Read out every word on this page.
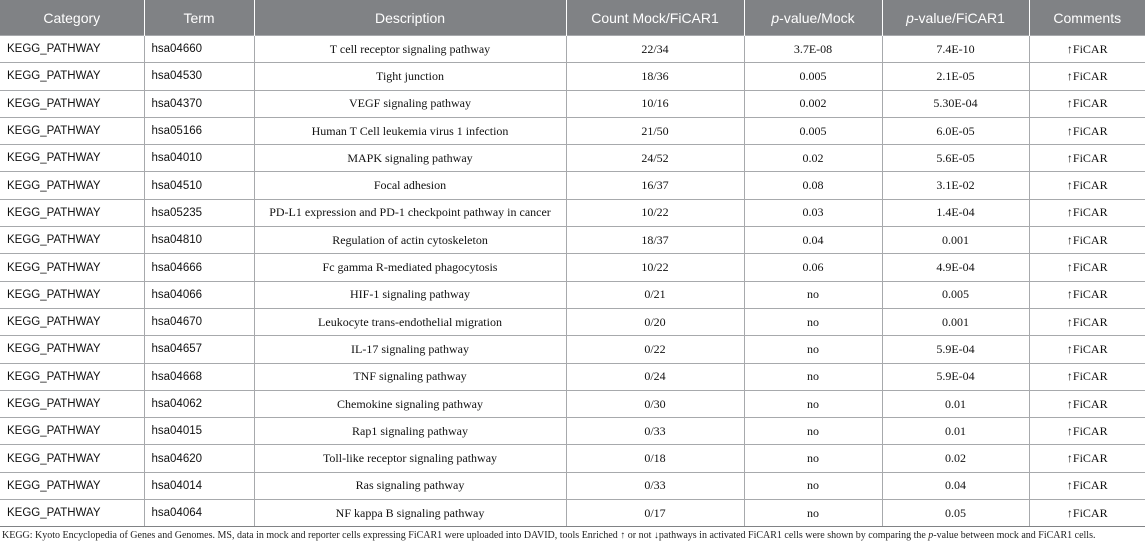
Category	Term	Description	Count Mock/FiCAR1	p-value/Mock	p-value/FiCAR1	Comments
KEGG_PATHWAY	hsa04660	T cell receptor signaling pathway	22/34	3.7E-08	7.4E-10	↑FiCAR
KEGG_PATHWAY	hsa04530	Tight junction	18/36	0.005	2.1E-05	↑FiCAR
KEGG_PATHWAY	hsa04370	VEGF signaling pathway	10/16	0.002	5.30E-04	↑FiCAR
KEGG_PATHWAY	hsa05166	Human T Cell leukemia virus 1 infection	21/50	0.005	6.0E-05	↑FiCAR
KEGG_PATHWAY	hsa04010	MAPK signaling pathway	24/52	0.02	5.6E-05	↑FiCAR
KEGG_PATHWAY	hsa04510	Focal adhesion	16/37	0.08	3.1E-02	↑FiCAR
KEGG_PATHWAY	hsa05235	PD-L1 expression and PD-1 checkpoint pathway in cancer	10/22	0.03	1.4E-04	↑FiCAR
KEGG_PATHWAY	hsa04810	Regulation of actin cytoskeleton	18/37	0.04	0.001	↑FiCAR
KEGG_PATHWAY	hsa04666	Fc gamma R-mediated phagocytosis	10/22	0.06	4.9E-04	↑FiCAR
KEGG_PATHWAY	hsa04066	HIF-1 signaling pathway	0/21	no	0.005	↑FiCAR
KEGG_PATHWAY	hsa04670	Leukocyte trans-endothelial migration	0/20	no	0.001	↑FiCAR
KEGG_PATHWAY	hsa04657	IL-17 signaling pathway	0/22	no	5.9E-04	↑FiCAR
KEGG_PATHWAY	hsa04668	TNF signaling pathway	0/24	no	5.9E-04	↑FiCAR
KEGG_PATHWAY	hsa04062	Chemokine signaling pathway	0/30	no	0.01	↑FiCAR
KEGG_PATHWAY	hsa04015	Rap1 signaling pathway	0/33	no	0.01	↑FiCAR
KEGG_PATHWAY	hsa04620	Toll-like receptor signaling pathway	0/18	no	0.02	↑FiCAR
KEGG_PATHWAY	hsa04014	Ras signaling pathway	0/33	no	0.04	↑FiCAR
KEGG_PATHWAY	hsa04064	NF kappa B signaling pathway	0/17	no	0.05	↑FiCAR
KEGG: Kyoto Encyclopedia of Genes and Genomes. MS, data in mock and reporter cells expressing FiCAR1 were uploaded into DAVID, tools Enriched ↑ or not ↓pathways in activated FiCAR1 cells were shown by comparing the p-value between mock and FiCAR1 cells.
